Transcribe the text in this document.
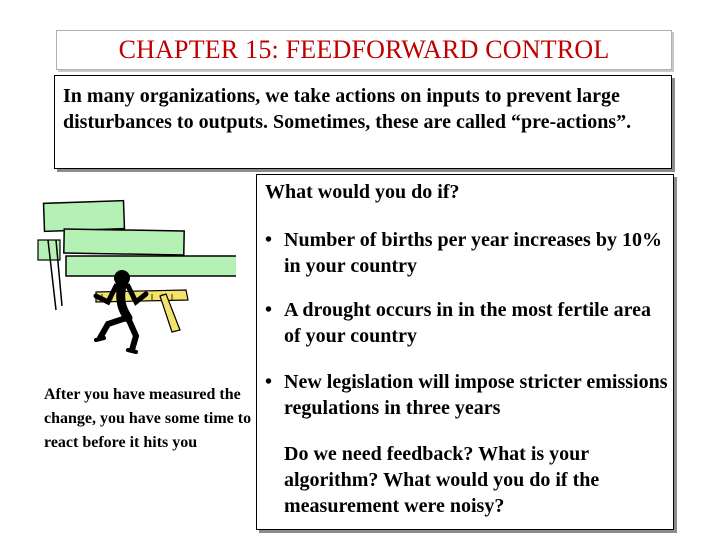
CHAPTER 15: FEEDFORWARD CONTROL
In many organizations, we take actions on inputs to prevent large disturbances to outputs. Sometimes, these are called “pre-actions”.
What would you do if?
• Number of births per year increases by 10% in your country
• A drought occurs in in the most fertile area of your country
• New legislation will impose stricter emissions regulations in three years
Do we need feedback? What is your algorithm? What would you do if the measurement were noisy?
After you have measured the change, you have some time to react before it hits you
